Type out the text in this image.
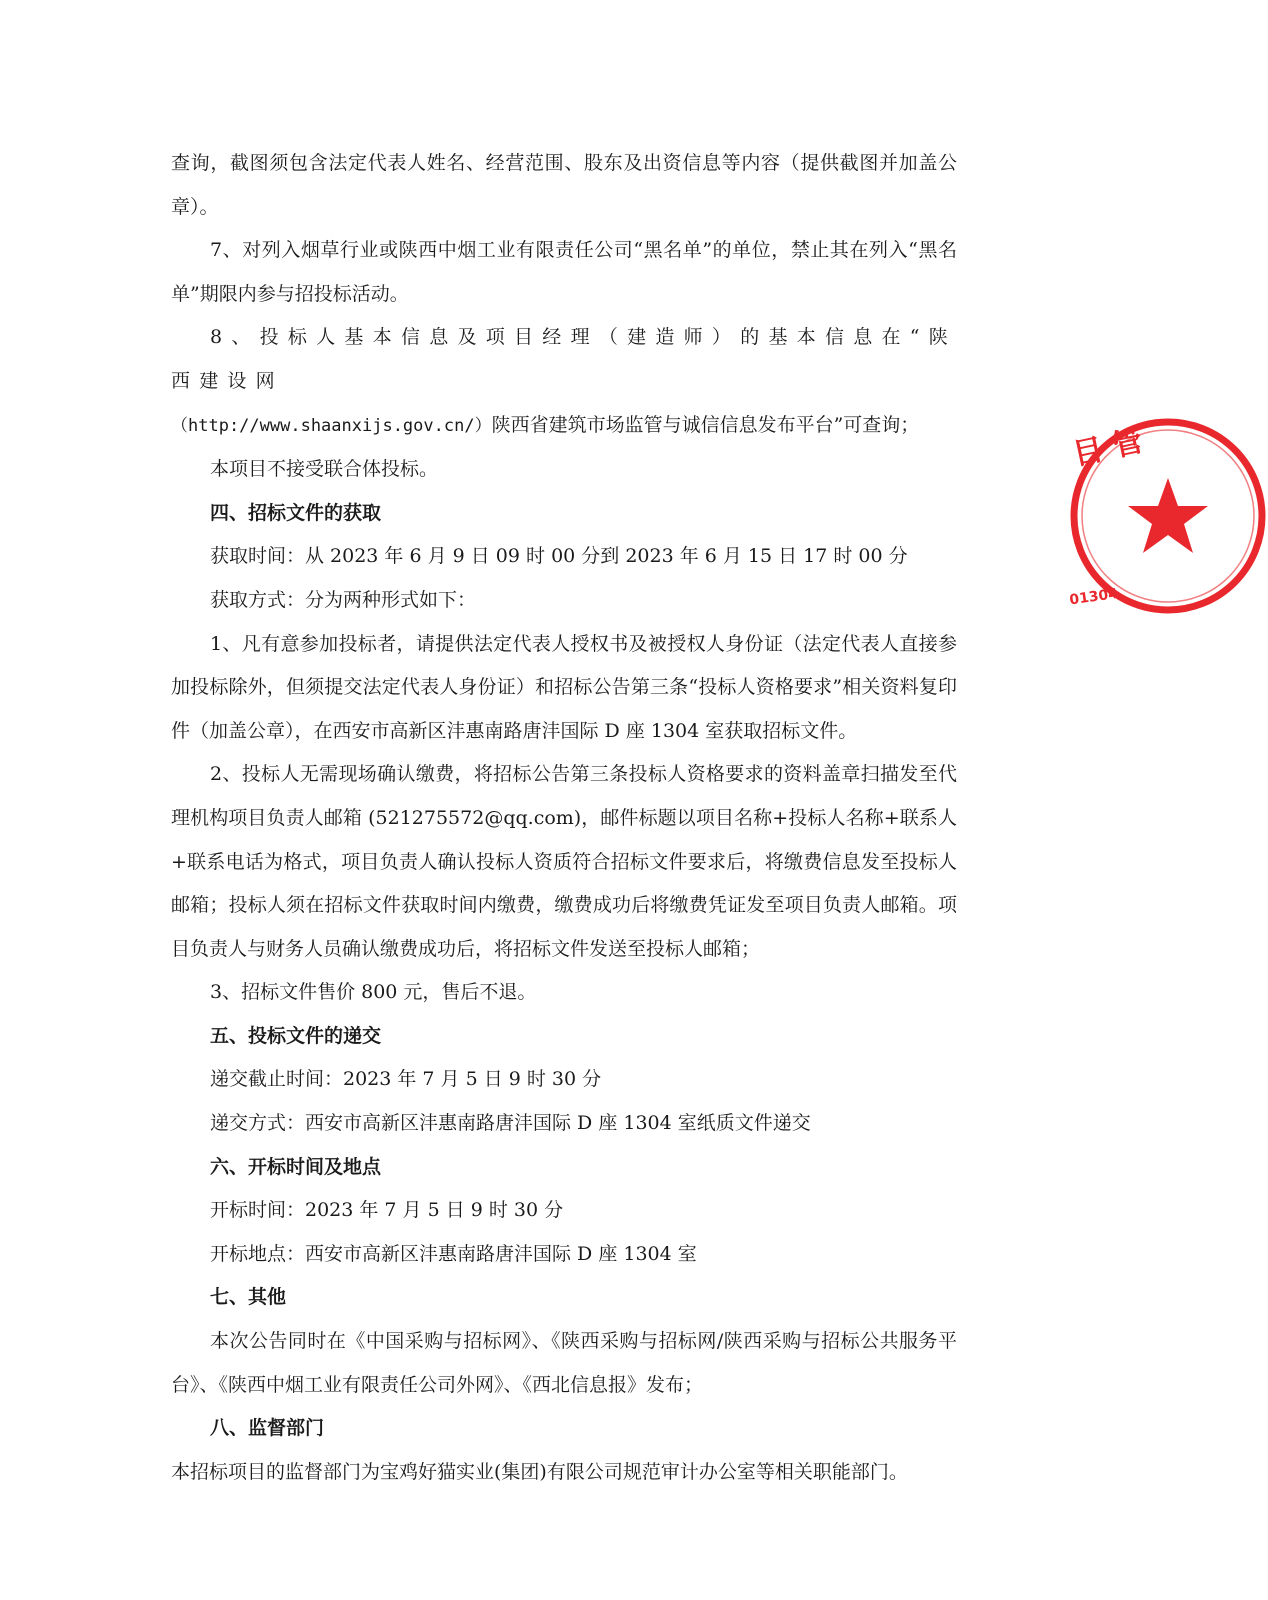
查询，截图须包含法定代表人姓名、经营范围、股东及出资信息等内容（提供截图并加盖公章）。

7、对列入烟草行业或陕西中烟工业有限责任公司“黑名单”的单位，禁止其在列入“黑名单”期限内参与招投标活动。

8、投标人基本信息及项目经理（建造师）的基本信息在“陕西建设网
（http://www.shaanxijs.gov.cn/）陕西省建筑市场监管与诚信信息发布平台”可查询；

本项目不接受联合体投标。

四、招标文件的获取

获取时间：从 2023 年 6 月 9 日 09 时 00 分到 2023 年 6 月 15 日 17 时 00 分

获取方式：分为两种形式如下：

1、凡有意参加投标者，请提供法定代表人授权书及被授权人身份证（法定代表人直接参加投标除外，但须提交法定代表人身份证）和招标公告第三条“投标人资格要求”相关资料复印件（加盖公章），在西安市高新区沣惠南路唐沣国际 D 座 1304 室获取招标文件。

2、投标人无需现场确认缴费，将招标公告第三条投标人资格要求的资料盖章扫描发至代理机构项目负责人邮箱 (521275572@qq.com)，邮件标题以项目名称+投标人名称+联系人+联系电话为格式，项目负责人确认投标人资质符合招标文件要求后，将缴费信息发至投标人邮箱；投标人须在招标文件获取时间内缴费，缴费成功后将缴费凭证发至项目负责人邮箱。项目负责人与财务人员确认缴费成功后，将招标文件发送至投标人邮箱；

3、招标文件售价 800 元，售后不退。

五、投标文件的递交

递交截止时间：2023 年 7 月 5 日 9 时 30 分

递交方式：西安市高新区沣惠南路唐沣国际 D 座 1304 室纸质文件递交

六、开标时间及地点

开标时间：2023 年 7 月 5 日 9 时 30 分

开标地点：西安市高新区沣惠南路唐沣国际 D 座 1304 室

七、其他

本次公告同时在《中国采购与招标网》、《陕西采购与招标网/陕西采购与招标公共服务平台》、《陕西中烟工业有限责任公司外网》、《西北信息报》发布；

八、监督部门

本招标项目的监督部门为宝鸡好猫实业(集团)有限公司规范审计办公室等相关职能部门。

目 管
01304
